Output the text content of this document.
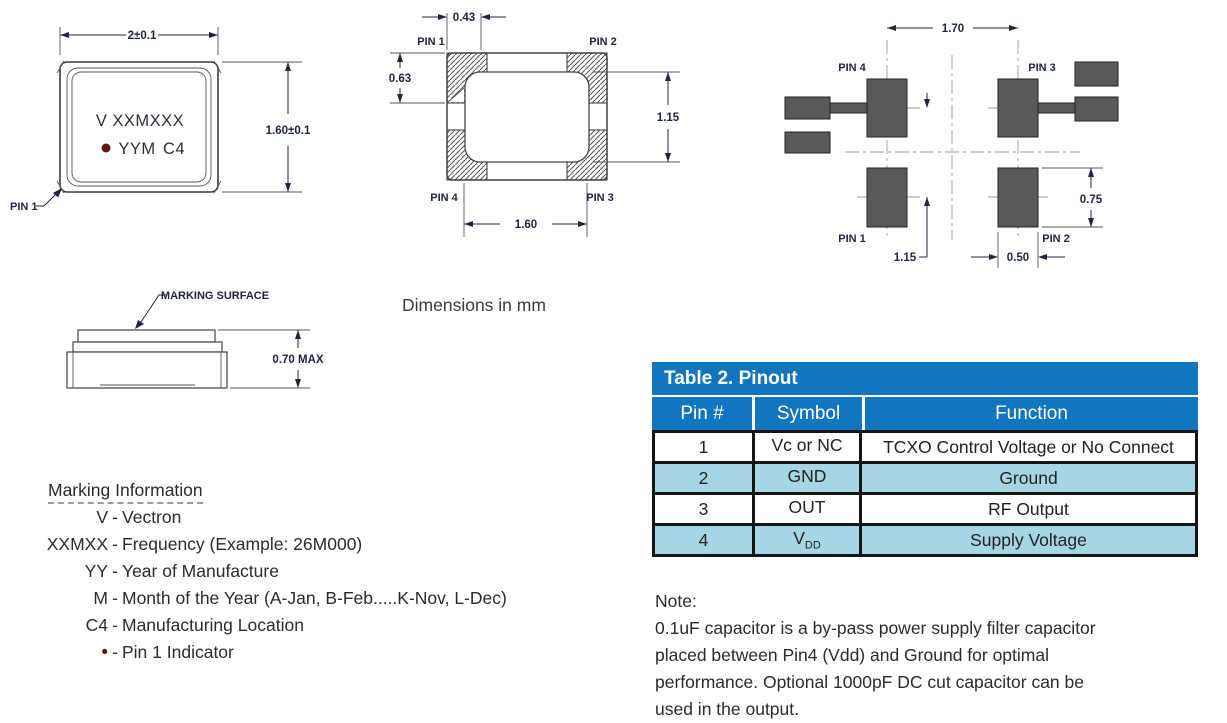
2±0.1
1.60±0.1
V XXMXXX
YYM C4
PIN 1
0.43
0.63
1.15
1.60
PIN 1	PIN 2
PIN 4	PIN 3
1.70
0.75
1.15	0.50
PIN 4	PIN 3
PIN 1	PIN 2
MARKING SURFACE
0.70 MAX
Dimensions in mm
Marking Information
V - Vectron
XXMXX - Frequency (Example: 26M000)
YY - Year of Manufacture
M - Month of the Year (A-Jan, B-Feb.....K-Nov, L-Dec)
C4 - Manufacturing Location
• - Pin 1 Indicator
Table 2. Pinout
Pin #	Symbol	Function
1	Vc or NC	TCXO Control Voltage or No Connect
2	GND	Ground
3	OUT	RF Output
4	$V_{DD}$	Supply Voltage
Note:
0.1uF capacitor is a by-pass power supply filter capacitor
placed between Pin4 (Vdd) and Ground for optimal
performance. Optional 1000pF DC cut capacitor can be
used in the output.
